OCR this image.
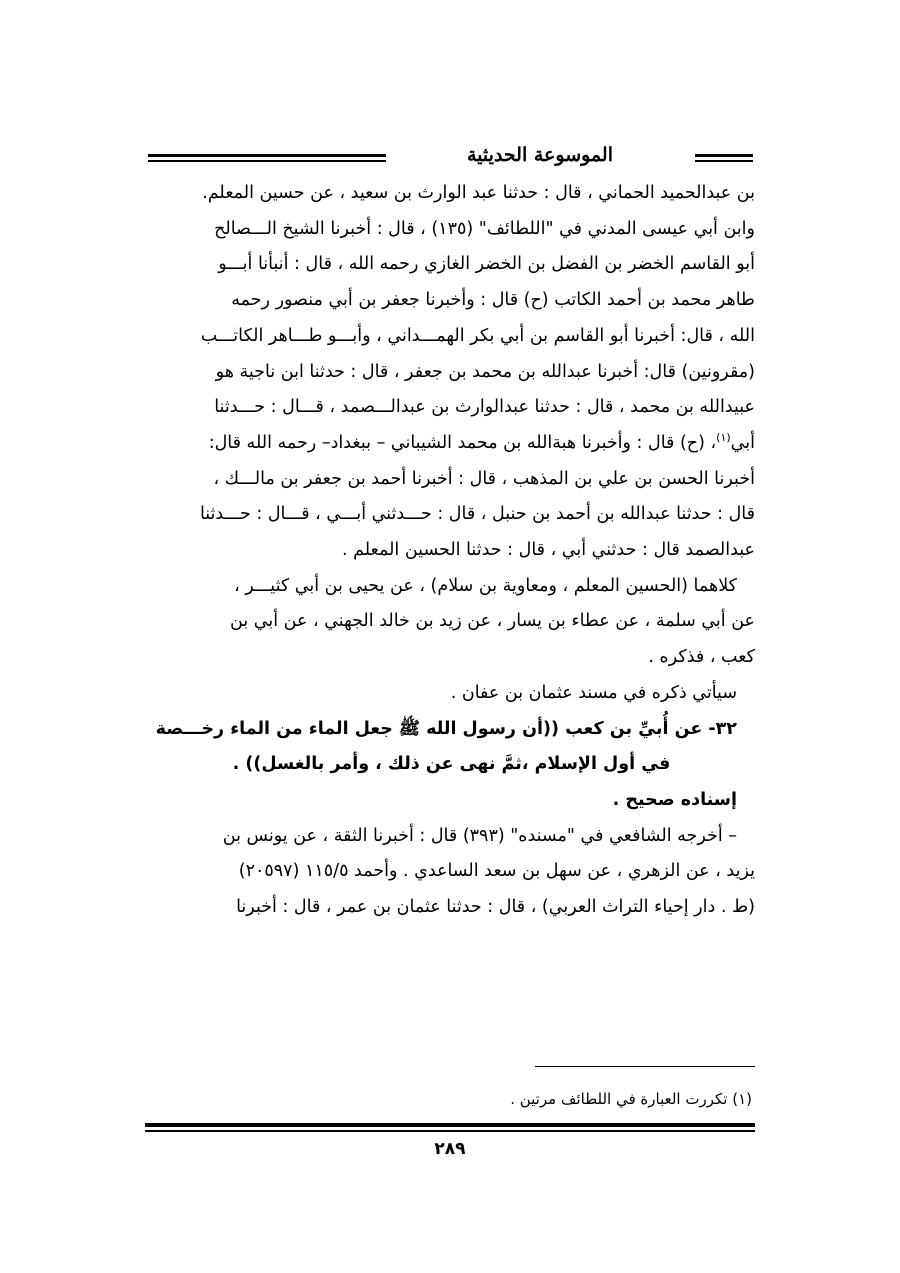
الموسوعة الحديثية

بن عبدالحميد الحماني ، قال : حدثنا عبد الوارث بن سعيد ، عن حسين المعلم.

وابن أبي عيسى المدني في "اللطائف" (١٣٥) ، قال : أخبرنا الشيخ الـــصالح

أبو القاسم الخضر بن الفضل بن الخضر الغازي رحمه الله ، قال : أنبأنا أبـــو

طاهر محمد بن أحمد الكاتب (ح) قال : وأخبرنا جعفر بن أبي منصور رحمه

الله ، قال: أخبرنا أبو القاسم بن أبي بكر الهمـــداني ، وأبـــو طـــاهر الكاتـــب

(مقرونين) قال: أخبرنا عبدالله بن محمد بن جعفر ، قال : حدثنا ابن ناجية هو

عبيدالله بن محمد ، قال : حدثنا عبدالوارث بن عبدالـــصمد ، قـــال : حـــدثنا

أبي$^{(١)}$، (ح) قال : وأخبرنا هبةالله بن محمد الشيباني – ببغداد– رحمه الله قال:

أخبرنا الحسن بن علي بن المذهب ، قال : أخبرنا أحمد بن جعفر بن مالـــك ،

قال : حدثنا عبدالله بن أحمد بن حنبل ، قال : حـــدثني أبـــي ، قـــال : حـــدثنا

عبدالصمد قال : حدثني أبي ، قال : حدثنا الحسين المعلم .

كلاهما (الحسين المعلم ، ومعاوية بن سلام) ، عن يحيى بن أبي كثيـــر ،

عن أبي سلمة ، عن عطاء بن يسار ، عن زيد بن خالد الجهني ، عن أبي بن

كعب ، فذكره .

سيأتي ذكره في مسند عثمان بن عفان .

٣٢- عن أُبيِّ بن كعب ((أن رسول الله ﷺ جعل الماء من الماء رخـــصة

في أول الإسلام ،ثمَّ نهى عن ذلك ، وأمر بالغسل)) .

إسناده صحيح .

– أخرجه الشافعي في "مسنده" (٣٩٣) قال : أخبرنا الثقة ، عن يونس بن

يزيد ، عن الزهري ، عن سهل بن سعد الساعدي . وأحمد ١١٥/٥ (٢٠٥٩٧)

(ط . دار إحياء التراث العربي) ، قال : حدثنا عثمان بن عمر ، قال : أخبرنا

(١) تكررت العبارة في اللطائف مرتين .
٢٨٩
